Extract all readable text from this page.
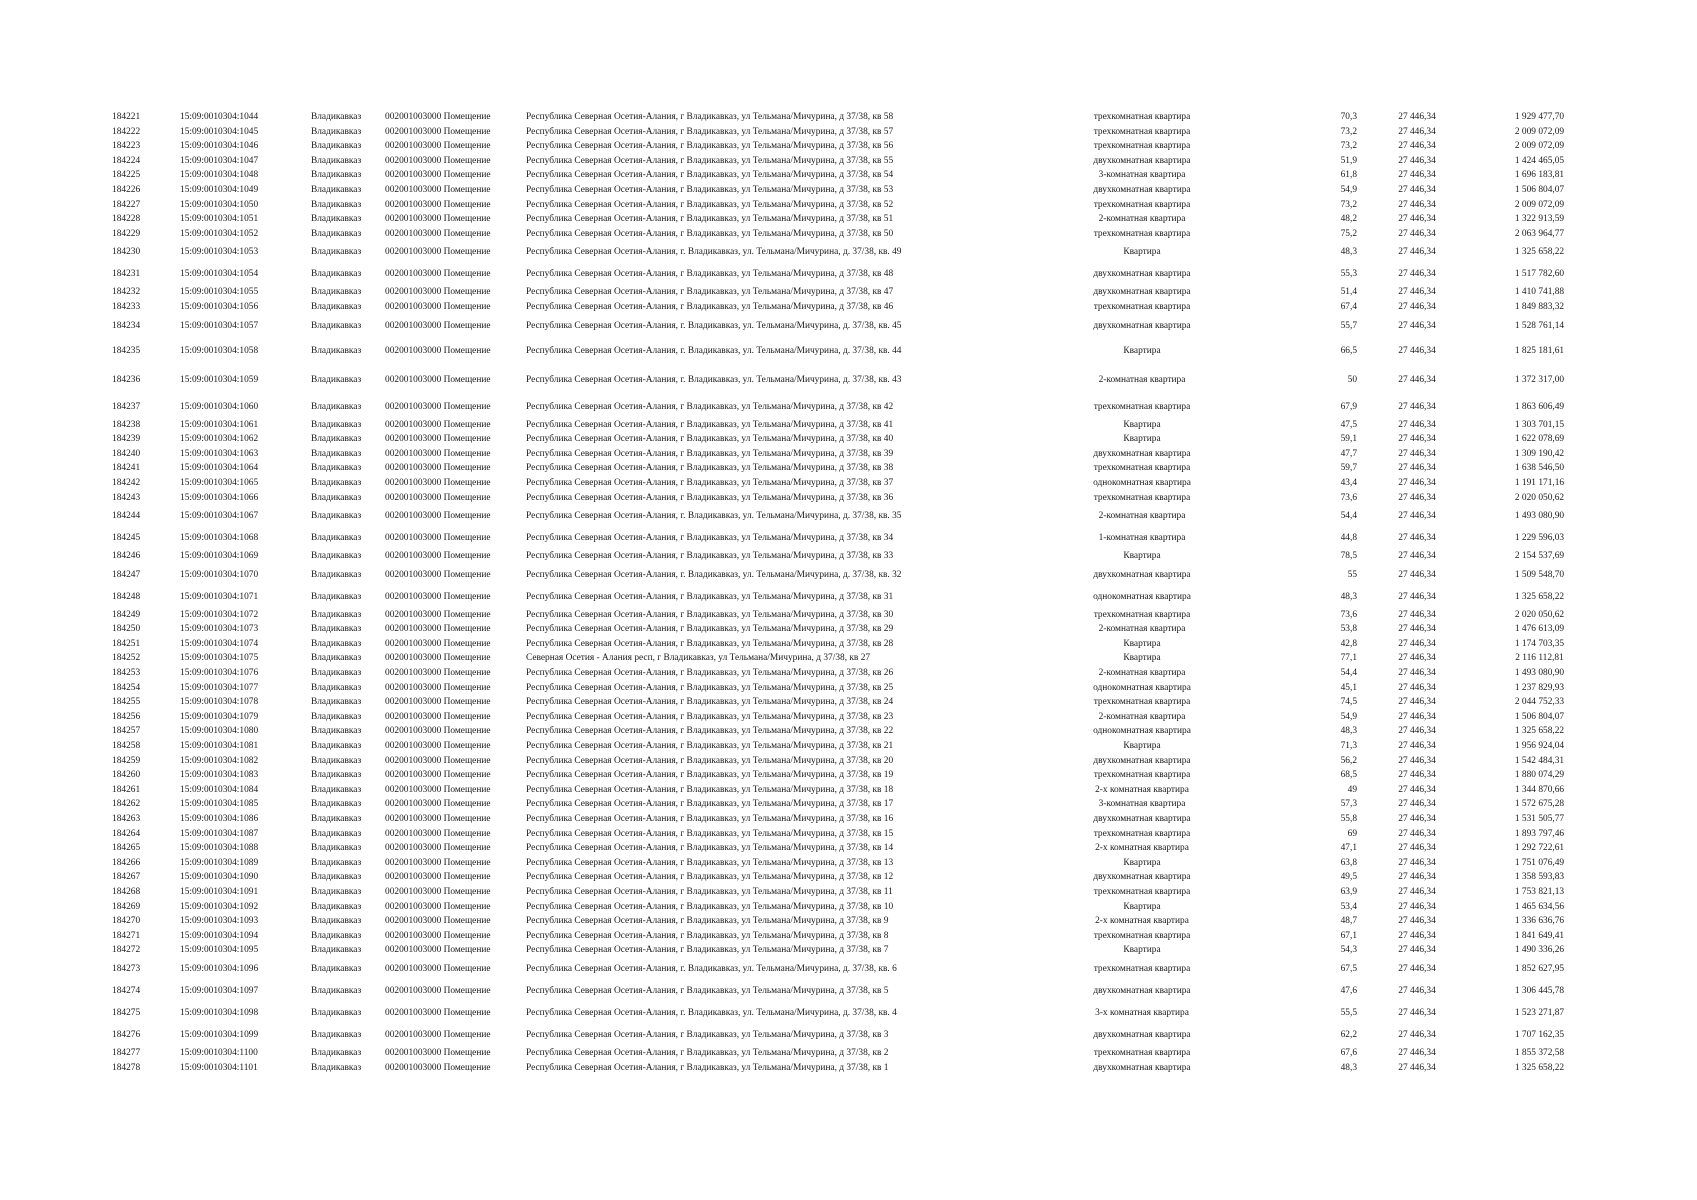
184221	15:09:0010304:1044	Владикавказ	002001003000 Помещение	Республика Северная Осетия-Алания, г Владикавказ, ул Тельмана/Мичурина, д 37/38, кв 58	трехкомнатная квартира	70,3	27 446,34	1 929 477,70
184222	15:09:0010304:1045	Владикавказ	002001003000 Помещение	Республика Северная Осетия-Алания, г Владикавказ, ул Тельмана/Мичурина, д 37/38, кв 57	трехкомнатная квартира	73,2	27 446,34	2 009 072,09
184223	15:09:0010304:1046	Владикавказ	002001003000 Помещение	Республика Северная Осетия-Алания, г Владикавказ, ул Тельмана/Мичурина, д 37/38, кв 56	трехкомнатная квартира	73,2	27 446,34	2 009 072,09
184224	15:09:0010304:1047	Владикавказ	002001003000 Помещение	Республика Северная Осетия-Алания, г Владикавказ, ул Тельмана/Мичурина, д 37/38, кв 55	двухкомнатная квартира	51,9	27 446,34	1 424 465,05
184225	15:09:0010304:1048	Владикавказ	002001003000 Помещение	Республика Северная Осетия-Алания, г Владикавказ, ул Тельмана/Мичурина, д 37/38, кв 54	3-комнатная квартира	61,8	27 446,34	1 696 183,81
184226	15:09:0010304:1049	Владикавказ	002001003000 Помещение	Республика Северная Осетия-Алания, г Владикавказ, ул Тельмана/Мичурина, д 37/38, кв 53	двухкомнатная квартира	54,9	27 446,34	1 506 804,07
184227	15:09:0010304:1050	Владикавказ	002001003000 Помещение	Республика Северная Осетия-Алания, г Владикавказ, ул Тельмана/Мичурина, д 37/38, кв 52	трехкомнатная квартира	73,2	27 446,34	2 009 072,09
184228	15:09:0010304:1051	Владикавказ	002001003000 Помещение	Республика Северная Осетия-Алания, г Владикавказ, ул Тельмана/Мичурина, д 37/38, кв 51	2-комнатная квартира	48,2	27 446,34	1 322 913,59
184229	15:09:0010304:1052	Владикавказ	002001003000 Помещение	Республика Северная Осетия-Алания, г Владикавказ, ул Тельмана/Мичурина, д 37/38, кв 50	трехкомнатная квартира	75,2	27 446,34	2 063 964,77
184230	15:09:0010304:1053	Владикавказ	002001003000 Помещение	Республика Северная Осетия-Алания, г. Владикавказ, ул. Тельмана/Мичурина, д. 37/38, кв. 49	Квартира	48,3	27 446,34	1 325 658,22
184231	15:09:0010304:1054	Владикавказ	002001003000 Помещение	Республика Северная Осетия-Алания, г Владикавказ, ул Тельмана/Мичурина, д 37/38, кв 48	двухкомнатная квартира	55,3	27 446,34	1 517 782,60
184232	15:09:0010304:1055	Владикавказ	002001003000 Помещение	Республика Северная Осетия-Алания, г Владикавказ, ул Тельмана/Мичурина, д 37/38, кв 47	двухкомнатная квартира	51,4	27 446,34	1 410 741,88
184233	15:09:0010304:1056	Владикавказ	002001003000 Помещение	Республика Северная Осетия-Алания, г Владикавказ, ул Тельмана/Мичурина, д 37/38, кв 46	трехкомнатная квартира	67,4	27 446,34	1 849 883,32
184234	15:09:0010304:1057	Владикавказ	002001003000 Помещение	Республика Северная Осетия-Алания, г. Владикавказ, ул. Тельмана/Мичурина, д. 37/38, кв. 45	двухкомнатная квартира	55,7	27 446,34	1 528 761,14
184235	15:09:0010304:1058	Владикавказ	002001003000 Помещение	Республика Северная Осетия-Алания, г. Владикавказ, ул. Тельмана/Мичурина, д. 37/38, кв. 44	Квартира	66,5	27 446,34	1 825 181,61
184236	15:09:0010304:1059	Владикавказ	002001003000 Помещение	Республика Северная Осетия-Алания, г. Владикавказ, ул. Тельмана/Мичурина, д. 37/38, кв. 43	2-комнатная квартира	50	27 446,34	1 372 317,00
184237	15:09:0010304:1060	Владикавказ	002001003000 Помещение	Республика Северная Осетия-Алания, г Владикавказ, ул Тельмана/Мичурина, д 37/38, кв 42	трехкомнатная квартира	67,9	27 446,34	1 863 606,49
184238	15:09:0010304:1061	Владикавказ	002001003000 Помещение	Республика Северная Осетия-Алания, г Владикавказ, ул Тельмана/Мичурина, д 37/38, кв 41	Квартира	47,5	27 446,34	1 303 701,15
184239	15:09:0010304:1062	Владикавказ	002001003000 Помещение	Республика Северная Осетия-Алания, г Владикавказ, ул Тельмана/Мичурина, д 37/38, кв 40	Квартира	59,1	27 446,34	1 622 078,69
184240	15:09:0010304:1063	Владикавказ	002001003000 Помещение	Республика Северная Осетия-Алания, г Владикавказ, ул Тельмана/Мичурина, д 37/38, кв 39	двухкомнатная квартира	47,7	27 446,34	1 309 190,42
184241	15:09:0010304:1064	Владикавказ	002001003000 Помещение	Республика Северная Осетия-Алания, г Владикавказ, ул Тельмана/Мичурина, д 37/38, кв 38	трехкомнатная квартира	59,7	27 446,34	1 638 546,50
184242	15:09:0010304:1065	Владикавказ	002001003000 Помещение	Республика Северная Осетия-Алания, г Владикавказ, ул Тельмана/Мичурина, д 37/38, кв 37	однокомнатная квартира	43,4	27 446,34	1 191 171,16
184243	15:09:0010304:1066	Владикавказ	002001003000 Помещение	Республика Северная Осетия-Алания, г Владикавказ, ул Тельмана/Мичурина, д 37/38, кв 36	трехкомнатная квартира	73,6	27 446,34	2 020 050,62
184244	15:09:0010304:1067	Владикавказ	002001003000 Помещение	Республика Северная Осетия-Алания, г. Владикавказ, ул. Тельмана/Мичурина, д. 37/38, кв. 35	2-комнатная квартира	54,4	27 446,34	1 493 080,90
184245	15:09:0010304:1068	Владикавказ	002001003000 Помещение	Республика Северная Осетия-Алания, г Владикавказ, ул Тельмана/Мичурина, д 37/38, кв 34	1-комнатная квартира	44,8	27 446,34	1 229 596,03
184246	15:09:0010304:1069	Владикавказ	002001003000 Помещение	Республика Северная Осетия-Алания, г Владикавказ, ул Тельмана/Мичурина, д 37/38, кв 33	Квартира	78,5	27 446,34	2 154 537,69
184247	15:09:0010304:1070	Владикавказ	002001003000 Помещение	Республика Северная Осетия-Алания, г. Владикавказ, ул. Тельмана/Мичурина, д. 37/38, кв. 32	двухкомнатная квартира	55	27 446,34	1 509 548,70
184248	15:09:0010304:1071	Владикавказ	002001003000 Помещение	Республика Северная Осетия-Алания, г Владикавказ, ул Тельмана/Мичурина, д 37/38, кв 31	однокомнатная квартира	48,3	27 446,34	1 325 658,22
184249	15:09:0010304:1072	Владикавказ	002001003000 Помещение	Республика Северная Осетия-Алания, г Владикавказ, ул Тельмана/Мичурина, д 37/38, кв 30	трехкомнатная квартира	73,6	27 446,34	2 020 050,62
184250	15:09:0010304:1073	Владикавказ	002001003000 Помещение	Республика Северная Осетия-Алания, г Владикавказ, ул Тельмана/Мичурина, д 37/38, кв 29	2-комнатная квартира	53,8	27 446,34	1 476 613,09
184251	15:09:0010304:1074	Владикавказ	002001003000 Помещение	Республика Северная Осетия-Алания, г Владикавказ, ул Тельмана/Мичурина, д 37/38, кв 28	Квартира	42,8	27 446,34	1 174 703,35
184252	15:09:0010304:1075	Владикавказ	002001003000 Помещение	Северная Осетия - Алания респ, г Владикавказ, ул Тельмана/Мичурина, д 37/38, кв 27	Квартира	77,1	27 446,34	2 116 112,81
184253	15:09:0010304:1076	Владикавказ	002001003000 Помещение	Республика Северная Осетия-Алания, г Владикавказ, ул Тельмана/Мичурина, д 37/38, кв 26	2-комнатная квартира	54,4	27 446,34	1 493 080,90
184254	15:09:0010304:1077	Владикавказ	002001003000 Помещение	Республика Северная Осетия-Алания, г Владикавказ, ул Тельмана/Мичурина, д 37/38, кв 25	однокомнатная квартира	45,1	27 446,34	1 237 829,93
184255	15:09:0010304:1078	Владикавказ	002001003000 Помещение	Республика Северная Осетия-Алания, г Владикавказ, ул Тельмана/Мичурина, д 37/38, кв 24	трехкомнатная квартира	74,5	27 446,34	2 044 752,33
184256	15:09:0010304:1079	Владикавказ	002001003000 Помещение	Республика Северная Осетия-Алания, г Владикавказ, ул Тельмана/Мичурина, д 37/38, кв 23	2-комнатная квартира	54,9	27 446,34	1 506 804,07
184257	15:09:0010304:1080	Владикавказ	002001003000 Помещение	Республика Северная Осетия-Алания, г Владикавказ, ул Тельмана/Мичурина, д 37/38, кв 22	однокомнатная квартира	48,3	27 446,34	1 325 658,22
184258	15:09:0010304:1081	Владикавказ	002001003000 Помещение	Республика Северная Осетия-Алания, г Владикавказ, ул Тельмана/Мичурина, д 37/38, кв 21	Квартира	71,3	27 446,34	1 956 924,04
184259	15:09:0010304:1082	Владикавказ	002001003000 Помещение	Республика Северная Осетия-Алания, г Владикавказ, ул Тельмана/Мичурина, д 37/38, кв 20	двухкомнатная квартира	56,2	27 446,34	1 542 484,31
184260	15:09:0010304:1083	Владикавказ	002001003000 Помещение	Республика Северная Осетия-Алания, г Владикавказ, ул Тельмана/Мичурина, д 37/38, кв 19	трехкомнатная квартира	68,5	27 446,34	1 880 074,29
184261	15:09:0010304:1084	Владикавказ	002001003000 Помещение	Республика Северная Осетия-Алания, г Владикавказ, ул Тельмана/Мичурина, д 37/38, кв 18	2-х комнатная квартира	49	27 446,34	1 344 870,66
184262	15:09:0010304:1085	Владикавказ	002001003000 Помещение	Республика Северная Осетия-Алания, г Владикавказ, ул Тельмана/Мичурина, д 37/38, кв 17	3-комнатная квартира	57,3	27 446,34	1 572 675,28
184263	15:09:0010304:1086	Владикавказ	002001003000 Помещение	Республика Северная Осетия-Алания, г Владикавказ, ул Тельмана/Мичурина, д 37/38, кв 16	двухкомнатная квартира	55,8	27 446,34	1 531 505,77
184264	15:09:0010304:1087	Владикавказ	002001003000 Помещение	Республика Северная Осетия-Алания, г Владикавказ, ул Тельмана/Мичурина, д 37/38, кв 15	трехкомнатная квартира	69	27 446,34	1 893 797,46
184265	15:09:0010304:1088	Владикавказ	002001003000 Помещение	Республика Северная Осетия-Алания, г Владикавказ, ул Тельмана/Мичурина, д 37/38, кв 14	2-х комнатная квартира	47,1	27 446,34	1 292 722,61
184266	15:09:0010304:1089	Владикавказ	002001003000 Помещение	Республика Северная Осетия-Алания, г Владикавказ, ул Тельмана/Мичурина, д 37/38, кв 13	Квартира	63,8	27 446,34	1 751 076,49
184267	15:09:0010304:1090	Владикавказ	002001003000 Помещение	Республика Северная Осетия-Алания, г Владикавказ, ул Тельмана/Мичурина, д 37/38, кв 12	двухкомнатная квартира	49,5	27 446,34	1 358 593,83
184268	15:09:0010304:1091	Владикавказ	002001003000 Помещение	Республика Северная Осетия-Алания, г Владикавказ, ул Тельмана/Мичурина, д 37/38, кв 11	трехкомнатная квартира	63,9	27 446,34	1 753 821,13
184269	15:09:0010304:1092	Владикавказ	002001003000 Помещение	Республика Северная Осетия-Алания, г Владикавказ, ул Тельмана/Мичурина, д 37/38, кв 10	Квартира	53,4	27 446,34	1 465 634,56
184270	15:09:0010304:1093	Владикавказ	002001003000 Помещение	Республика Северная Осетия-Алания, г Владикавказ, ул Тельмана/Мичурина, д 37/38, кв 9	2-х комнатная квартира	48,7	27 446,34	1 336 636,76
184271	15:09:0010304:1094	Владикавказ	002001003000 Помещение	Республика Северная Осетия-Алания, г Владикавказ, ул Тельмана/Мичурина, д 37/38, кв 8	трехкомнатная квартира	67,1	27 446,34	1 841 649,41
184272	15:09:0010304:1095	Владикавказ	002001003000 Помещение	Республика Северная Осетия-Алания, г Владикавказ, ул Тельмана/Мичурина, д 37/38, кв 7	Квартира	54,3	27 446,34	1 490 336,26
184273	15:09:0010304:1096	Владикавказ	002001003000 Помещение	Республика Северная Осетия-Алания, г. Владикавказ, ул. Тельмана/Мичурина, д. 37/38, кв. 6	трехкомнатная квартира	67,5	27 446,34	1 852 627,95
184274	15:09:0010304:1097	Владикавказ	002001003000 Помещение	Республика Северная Осетия-Алания, г Владикавказ, ул Тельмана/Мичурина, д 37/38, кв 5	двухкомнатная квартира	47,6	27 446,34	1 306 445,78
184275	15:09:0010304:1098	Владикавказ	002001003000 Помещение	Республика Северная Осетия-Алания, г. Владикавказ, ул. Тельмана/Мичурина, д. 37/38, кв. 4	3-х комнатная квартира	55,5	27 446,34	1 523 271,87
184276	15:09:0010304:1099	Владикавказ	002001003000 Помещение	Республика Северная Осетия-Алания, г Владикавказ, ул Тельмана/Мичурина, д 37/38, кв 3	двухкомнатная квартира	62,2	27 446,34	1 707 162,35
184277	15:09:0010304:1100	Владикавказ	002001003000 Помещение	Республика Северная Осетия-Алания, г Владикавказ, ул Тельмана/Мичурина, д 37/38, кв 2	трехкомнатная квартира	67,6	27 446,34	1 855 372,58
184278	15:09:0010304:1101	Владикавказ	002001003000 Помещение	Республика Северная Осетия-Алания, г Владикавказ, ул Тельмана/Мичурина, д 37/38, кв 1	двухкомнатная квартира	48,3	27 446,34	1 325 658,22
